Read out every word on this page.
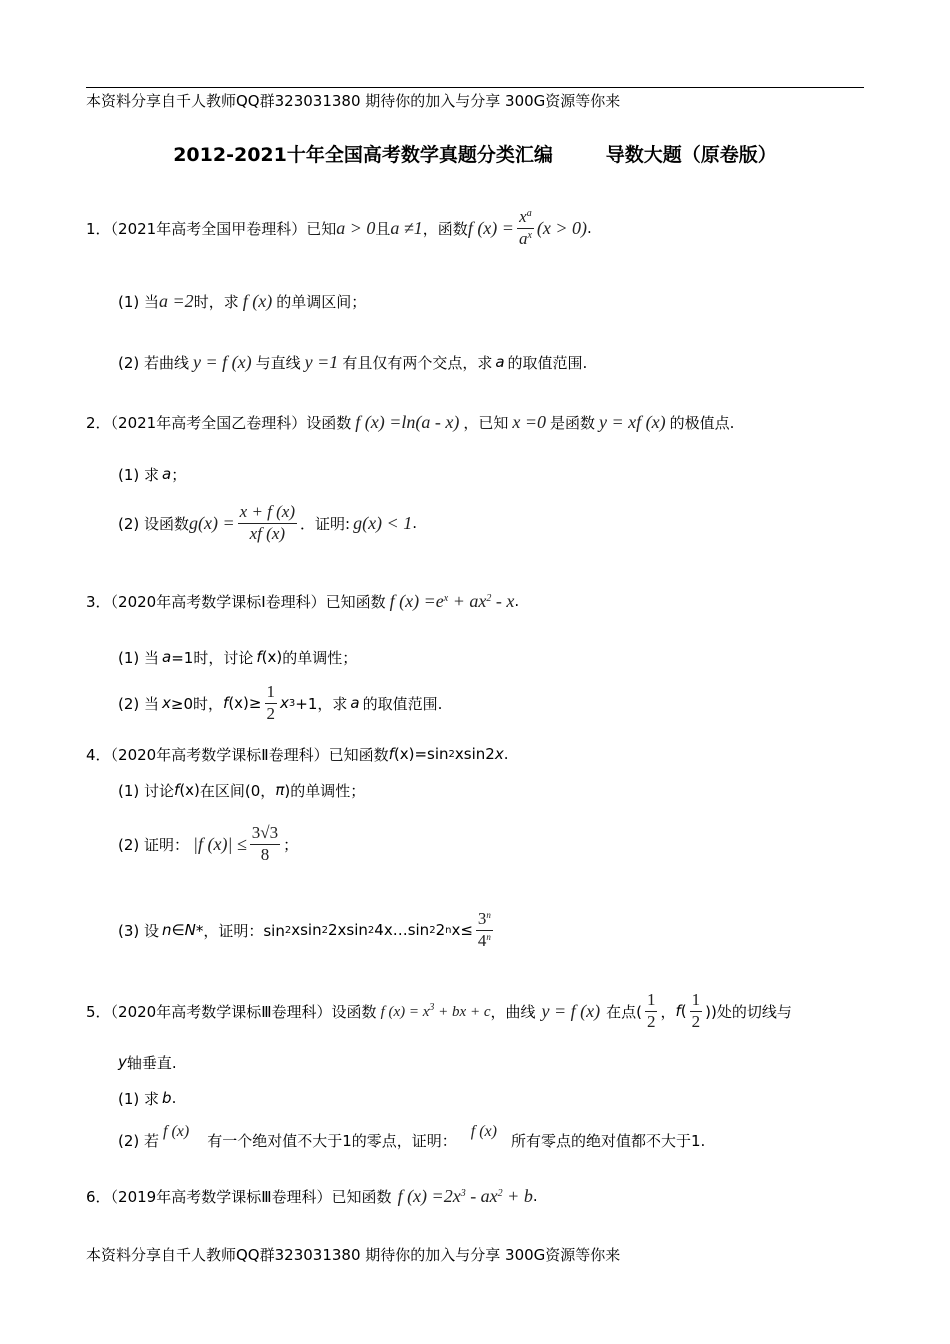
本资料分享自千人教师QQ群323031380 期待你的加入与分享 300G资源等你来
2012-2021十年全国高考数学真题分类汇编        导数大题（原卷版）
1．（2021年高考全国甲卷理科）已知 a > 0 且 a ≠1 ，函数 f $(x) = \frac{x^a}{a^x} (x > 0)$ .
(1) 当 a =2 时，求 f (x) 的单调区间；
(2) 若曲线 y = f (x) 与直线 y =1 有且仅有两个交点，求 a 的取值范围.
2．（2021年高考全国乙卷理科）设函数 f (x) =ln(a - x) ，已知 x =0 是函数 y = xf (x) 的极值点.
(1) 求 a ；
(2) 设函数 $g(x) = \frac{x + f (x)}{xf (x)}$ ．证明: g(x) < 1 .
3．（2020年高考数学课标Ⅰ卷理科）已知函数 f $(x) =e^x + ax^2 - x$ .
(1) 当 a =1时，讨论 f (x) 的单调性；
(2) 当 x ≥0时， f $(x) \ge \frac{1}{2}$ x 3 +1，求 a 的取值范围.
4．（2020年高考数学课标Ⅱ卷理科）已知函数 f (x)=sin 2 xsin2 x .
(1) 讨论 f (x) 在区间(0， π )的单调性；
(2) 证明： |f $(x)| \le \frac{3√3}{8}$ ；
(3) 设 n ∈ N *，证明：sin 2 xsin 2 2xsin 2 4x…sin 2 2 n $x\le \frac{3^n}{4^n}$
5．（2020年高考数学课标Ⅲ卷理科）设函数 f $(x) = x^3$ + bx + c ，曲线 y = f (x) 在点( $\frac{1}{2}$ ， f ( $\frac{1}{2}$ ))处的切线与
y 轴垂直.
(1) 求 b .
(2) 若 f (x) 有一个绝对值不大于1的零点，证明： f (x) 所有零点的绝对值都不大于1.
6．（2019年高考数学课标Ⅲ卷理科）已知函数 f $(x) =2x^3 - ax^2 + b$ .
本资料分享自千人教师QQ群323031380 期待你的加入与分享 300G资源等你来
